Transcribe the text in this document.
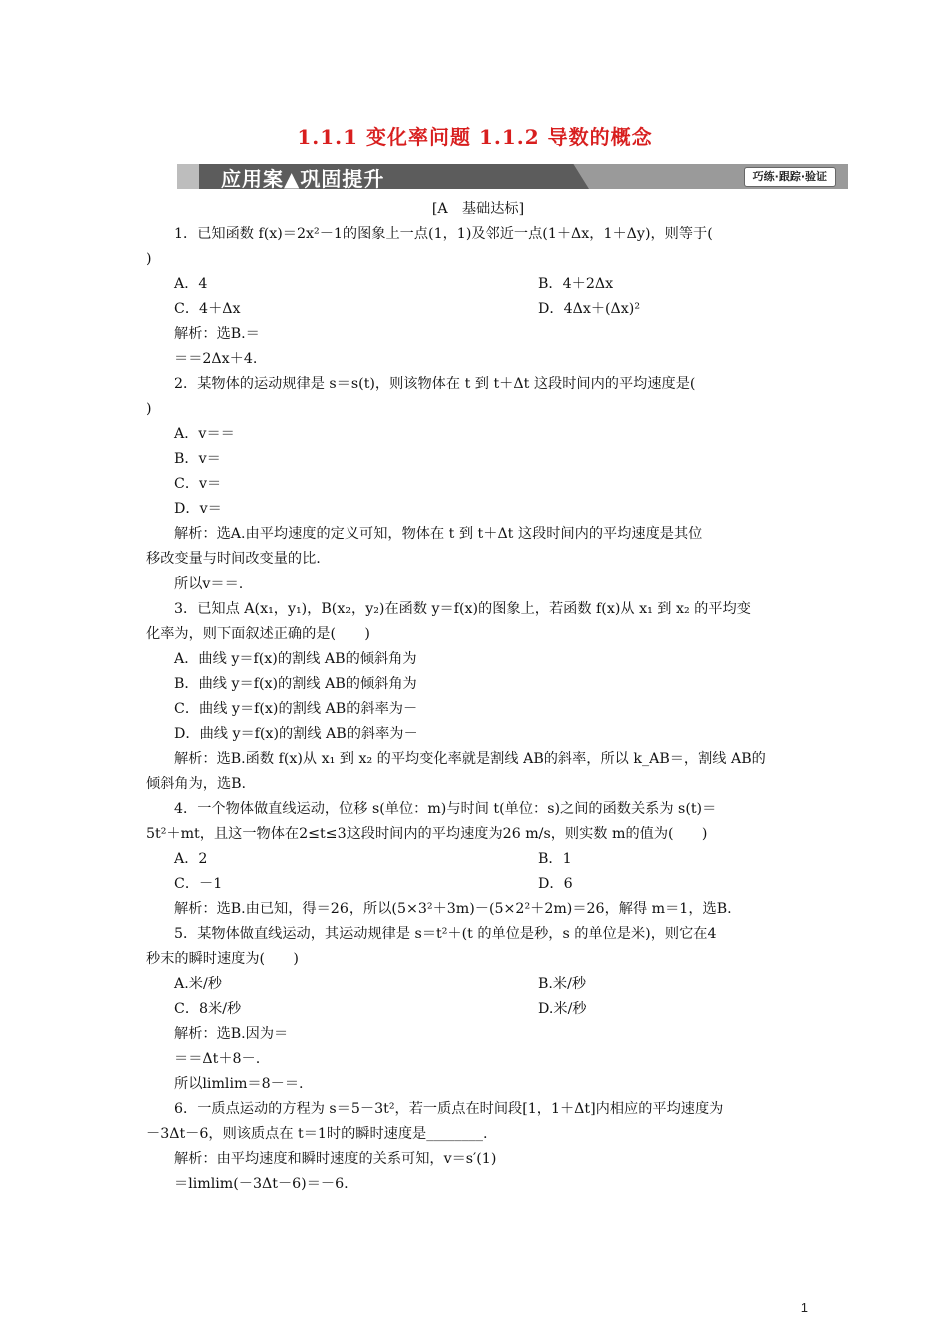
1.1.1 变化率问题 1.1.2 导数的概念
应用案▲巩固提升	巧练·跟踪·验证
[A　基础达标]
1．已知函数 f(x)＝2x²－1的图象上一点(1，1)及邻近一点(1＋Δx，1＋Δy)，则等于(
)
A．4	B．4＋2Δx
C．4＋Δx	D．4Δx＋(Δx)²
解析：选B.＝
＝＝2Δx＋4.
2．某物体的运动规律是 s＝s(t)，则该物体在 t 到 t＋Δt 这段时间内的平均速度是(
)
A．v＝＝
B．v＝
C．v＝
D．v＝
解析：选A.由平均速度的定义可知，物体在 t 到 t＋Δt 这段时间内的平均速度是其位
移改变量与时间改变量的比.
所以v＝＝.
3．已知点 A(x₁，y₁)，B(x₂，y₂)在函数 y＝f(x)的图象上，若函数 f(x)从 x₁ 到 x₂ 的平均变
化率为，则下面叙述正确的是(　　)
A．曲线 y＝f(x)的割线 AB的倾斜角为
B．曲线 y＝f(x)的割线 AB的倾斜角为
C．曲线 y＝f(x)的割线 AB的斜率为－
D．曲线 y＝f(x)的割线 AB的斜率为－
解析：选B.函数 f(x)从 x₁ 到 x₂ 的平均变化率就是割线 AB的斜率，所以 k_AB＝，割线 AB的
倾斜角为，选B.
4．一个物体做直线运动，位移 s(单位：m)与时间 t(单位：s)之间的函数关系为 s(t)＝
5t²＋mt，且这一物体在2≤t≤3这段时间内的平均速度为26 m/s，则实数 m的值为(　　)
A．2	B．1
C．－1	D．6
解析：选B.由已知，得＝26，所以(5×3²＋3m)－(5×2²＋2m)＝26，解得 m＝1，选B.
5．某物体做直线运动，其运动规律是 s＝t²＋(t 的单位是秒，s 的单位是米)，则它在4
秒末的瞬时速度为(　　)
A.米/秒	B.米/秒
C．8米/秒	D.米/秒
解析：选B.因为＝
＝＝Δt＋8－.
所以limlim＝8－＝.
6．一质点运动的方程为 s＝5－3t²，若一质点在时间段[1，1＋Δt]内相应的平均速度为
－3Δt－6，则该质点在 t＝1时的瞬时速度是________.
解析：由平均速度和瞬时速度的关系可知，v＝s′(1)
＝limlim(－3Δt－6)＝－6.
1
